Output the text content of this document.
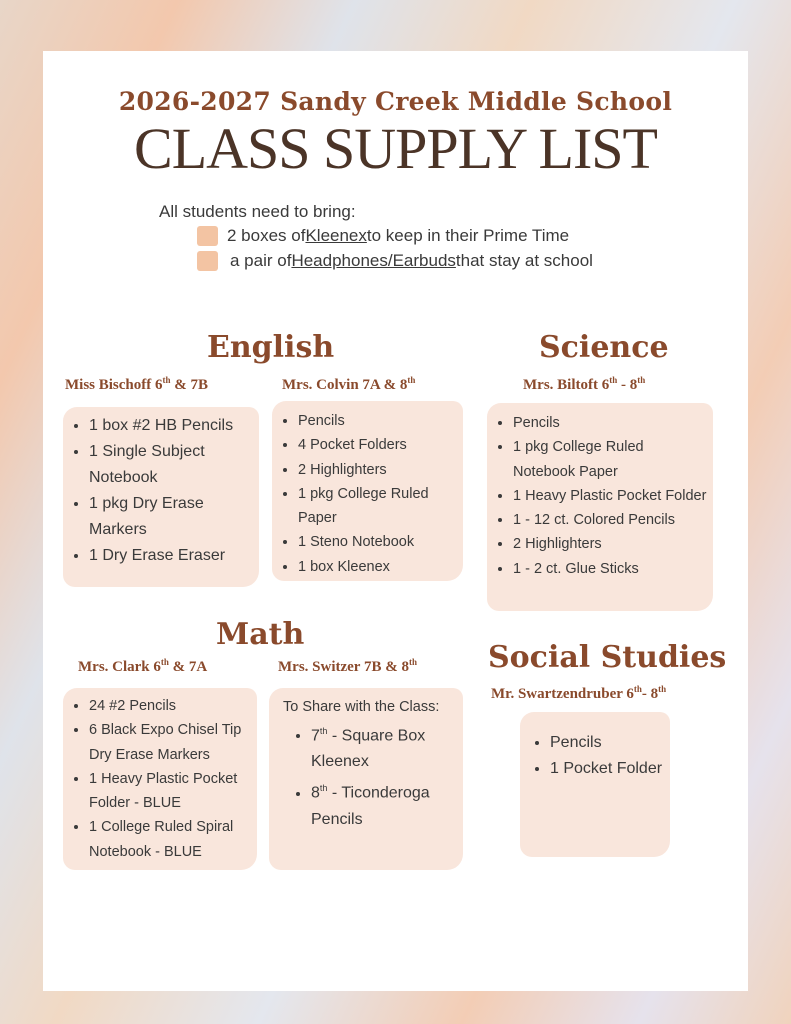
2026-2027 Sandy Creek Middle School
CLASS SUPPLY LIST
All students need to bring:
2 boxes of Kleenex to keep in their Prime Time
a pair of Headphones/Earbuds that stay at school
English
Miss Bischoff 6th & 7B	Mrs. Colvin 7A & 8th
• 1 box #2 HB Pencils
• 1 Single Subject Notebook
• 1 pkg Dry Erase Markers
• 1 Dry Erase Eraser
• Pencils
• 4 Pocket Folders
• 2 Highlighters
• 1 pkg College Ruled Paper
• 1 Steno Notebook
• 1 box Kleenex
Science
Mrs. Biltoft 6th - 8th
• Pencils
• 1 pkg College Ruled Notebook Paper
• 1 Heavy Plastic Pocket Folder
• 1 - 12 ct. Colored Pencils
• 2 Highlighters
• 1 - 2 ct. Glue Sticks
Math
Mrs. Clark 6th & 7A	Mrs. Switzer 7B & 8th
• 24 #2 Pencils
• 6 Black Expo Chisel Tip Dry Erase Markers
• 1 Heavy Plastic Pocket Folder - BLUE
• 1 College Ruled Spiral Notebook - BLUE
To Share with the Class:
• 7th - Square Box Kleenex
• 8th - Ticonderoga Pencils
Social Studies
Mr. Swartzendruber 6th- 8th
• Pencils
• 1 Pocket Folder
